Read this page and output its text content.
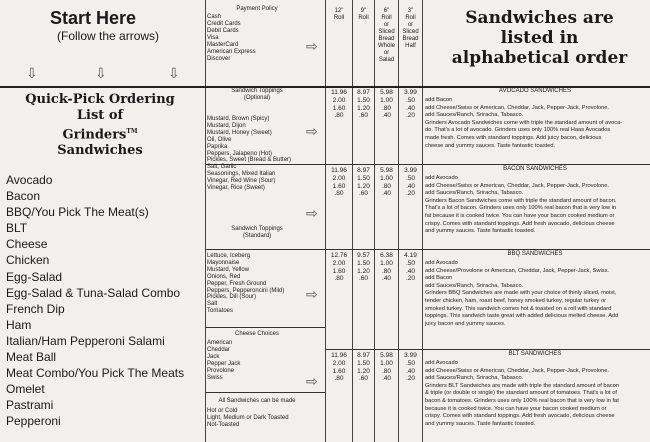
Start Here
(Follow the arrows)
⇩	⇩	⇩
⇨
⇨
⇨
⇨
⇨
Quick-Pick Ordering
List of
Grinders™
Sandwiches
Avocado
Bacon
BBQ/You Pick The Meat(s)
BLT
Cheese
Chicken
Egg-Salad
Egg-Salad & Tuna-Salad Combo
French Dip
Ham
Italian/Ham Pepperoni Salami
Meat Ball
Meat Combo/You Pick The Meats
Omelet
Pastrami
Pepperoni
Payment Policy
Cash
Credit Cards
Debit Cards
Visa
MasterCard
American Express
Discover
Sandwich Toppings
(Optional)
Mustard, Brown (Spicy)
Mustard, Dijon
Mustard, Honey (Sweet)
Oil, Olive
Paprika
Peppers, Jalapeno (Hot)
Pickles, Sweet (Bread & Butter)
Salt, Garlic
Seasonings, Mixed Italian
Vinegar, Red Wine (Sour)
Vinegar, Rice (Sweet)
Sandwich Toppings
(Standard)
Lettuce, Iceberg
Mayonnaise
Mustard, Yellow
Onions, Red
Pepper, Fresh Ground
Peppers, Pepperoncini (Mild)
Pickles, Dill (Sour)
Salt
Tomatoes
Cheese Choices
American
Cheddar
Jack
Pepper Jack
Provolone
Swiss
All Sandwiches can be made
Hot or Cold
Light, Medium or Dark Toasted
Not-Toasted
12"
Roll
9"
Roll
6"
Roll
or
Sliced
Bread
Whole
or
Salad
3"
Roll
or
Sliced
Bread
Half
Sandwiches are
listed in
alphabetical order
AVOCADO SANDWICHES
11.96
2.00
1.60
.80
8.97
1.50
1.20
.60
5.98
1.00
.80
.40
3.99
.50
.40
.20
add Bacon
add Cheese/Swiss or American, Cheddar, Jack, Pepper-Jack, Provolone.
add Sauces/Ranch, Sriracha, Tabasco.
Grinders Avocado Sandwiches come with triple the standard amount of avoca-
do. That's a lot of avocado. Grinders uses only 100% real Haas Avocados
made fresh. Comes with standard toppings. Add juicy bacon, delicious
cheese and yummy sauces. Taste fantastic toasted.
BACON SANDWICHES
11.96
2.00
1.60
.80
8.97
1.50
1.20
.60
5.98
1.00
.80
.40
3.99
.50
.40
.20
add Avocado
add Cheese/Swiss or American, Cheddar, Jack, Pepper-Jack, Provolone.
add Sauces/Ranch, Sriracha, Tabasco.
Grinders Bacon Sandwiches come with triple the standard amount of bacon.
That's a lot of bacon. Grinders uses only 100% real bacon that is very low in
fat because it is cooked twice. You can have your bacon cooked medium or
crispy. Comes with standard toppings. Add fresh avocado, delicious cheese
and yummy sauces. Taste fantastic toasted.
BBQ SANDWICHES
12.76
2.00
1.60
.80
9.57
1.50
1.20
.60
6.38
1.00
.80
.40
4.19
.50
.40
.20
add Avocado
add Cheese/Provolone or American, Cheddar, Jack, Pepper-Jack, Swiss.
add Bacon
add Sauces/Ranch, Sriracha, Tabasco.
Grinders BBQ Sandwiches are made with your choice of thinly sliced, moist,
tender chicken, ham, roast beef, honey smoked turkey, regular turkey or
smoked turkey. This sandwich comes hot & toasted on a roll with standard
toppings. This sandwich taste great with added delicious melted cheese. Add
juicy bacon and yummy sauces.
BLT SANDWICHES
11.96
2.00
1.60
.80
8.97
1.50
1.20
.60
5.98
1.00
.80
.40
3.99
.50
.40
.20
add Avocado
add Cheese/Swiss or American, Cheddar, Jack, Pepper-Jack, Provolone.
add Sauces/Ranch, Sriracha, Tabasco.
Grinders BLT Sandwiches are made with triple the standard amount of bacon
& triple (or double or single) the standard amount of tomatoes. That's a lot of
bacon & tomatoes. Grinders uses only 100% real bacon that is very low in fat
because it is cooked twice. You can have your bacon cooked medium or
crispy. Comes with standard toppings. Add fresh avocado, delicious cheese
and yummy sauces. Taste fantastic toasted.
